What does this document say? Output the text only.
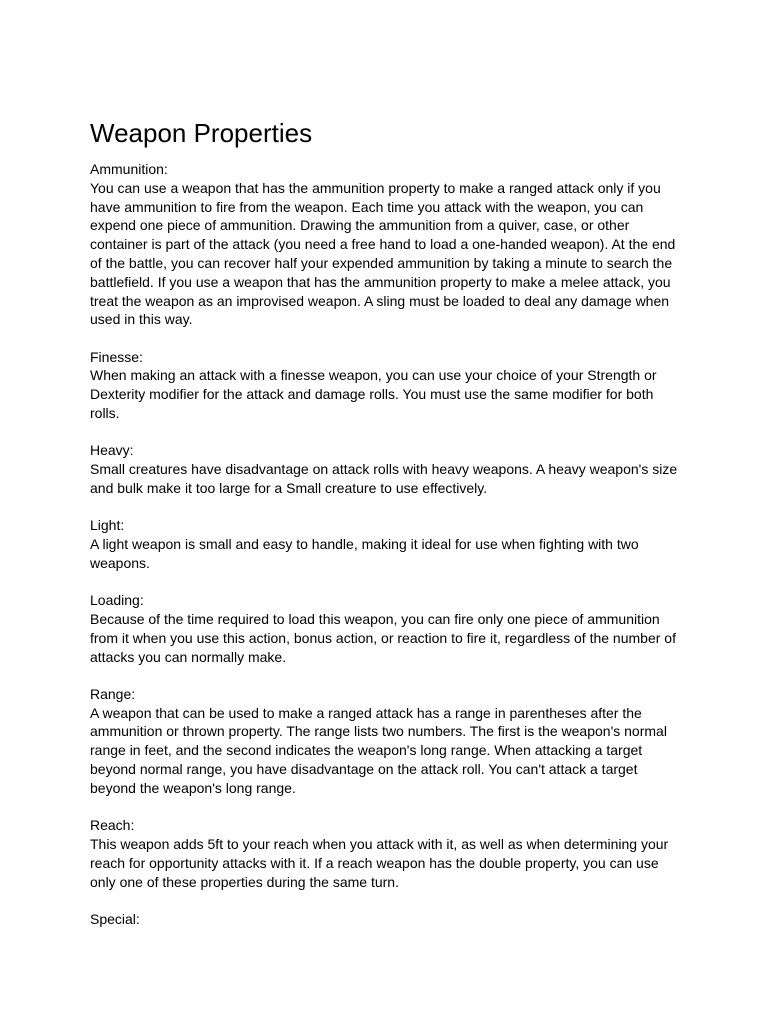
Weapon Properties

Ammunition:

You can use a weapon that has the ammunition property to make a ranged attack only if you have ammunition to fire from the weapon. Each time you attack with the weapon, you can expend one piece of ammunition. Drawing the ammunition from a quiver, case, or other container is part of the attack (you need a free hand to load a one-handed weapon). At the end of the battle, you can recover half your expended ammunition by taking a minute to search the battlefield. If you use a weapon that has the ammunition property to make a melee attack, you treat the weapon as an improvised weapon. A sling must be loaded to deal any damage when used in this way.

Finesse:

When making an attack with a finesse weapon, you can use your choice of your Strength or Dexterity modifier for the attack and damage rolls. You must use the same modifier for both rolls.

Heavy:

Small creatures have disadvantage on attack rolls with heavy weapons. A heavy weapon's size and bulk make it too large for a Small creature to use effectively.

Light:

A light weapon is small and easy to handle, making it ideal for use when fighting with two weapons.

Loading:

Because of the time required to load this weapon, you can fire only one piece of ammunition from it when you use this action, bonus action, or reaction to fire it, regardless of the number of attacks you can normally make.

Range:

A weapon that can be used to make a ranged attack has a range in parentheses after the ammunition or thrown property. The range lists two numbers. The first is the weapon's normal range in feet, and the second indicates the weapon's long range. When attacking a target beyond normal range, you have disadvantage on the attack roll. You can't attack a target beyond the weapon's long range.

Reach:

This weapon adds 5ft to your reach when you attack with it, as well as when determining your reach for opportunity attacks with it. If a reach weapon has the double property, you can use only one of these properties during the same turn.

Special:
